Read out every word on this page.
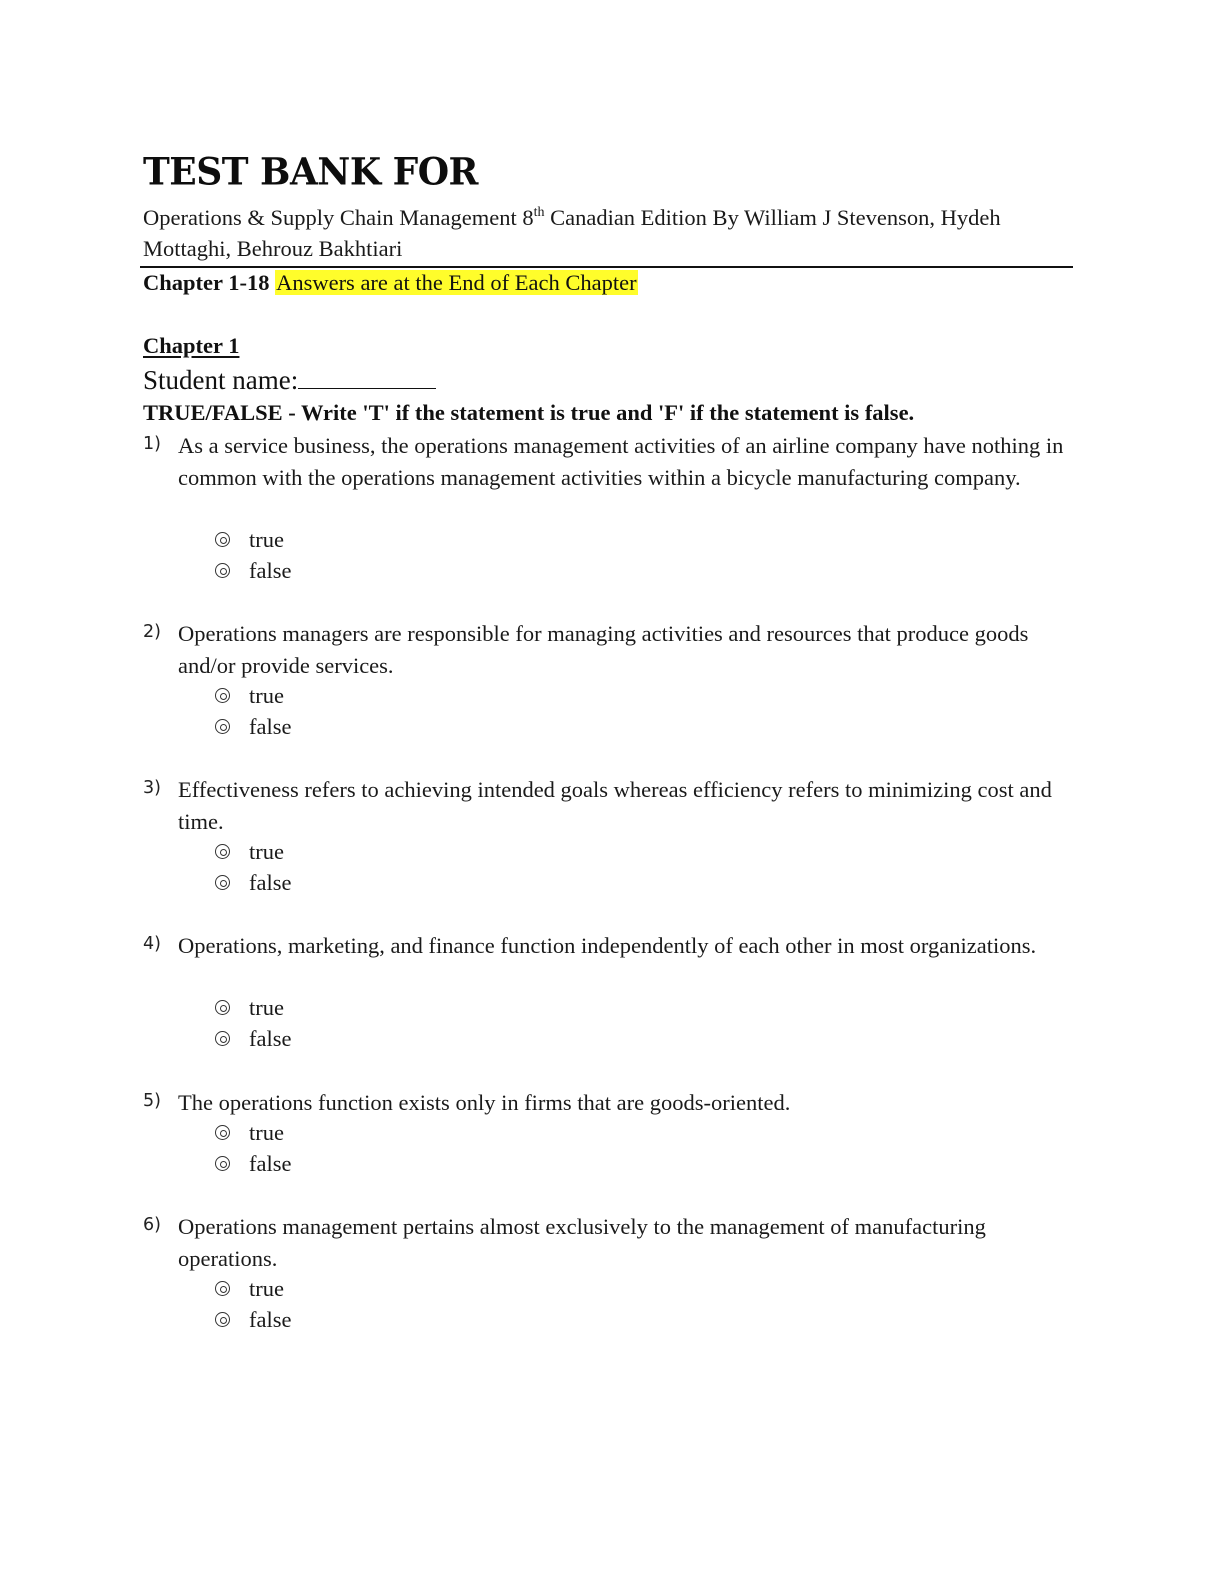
TEST BANK FOR
Operations & Supply Chain Management 8th Canadian Edition By William J Stevenson, Hydeh Mottaghi, Behrouz Bakhtiari
Chapter 1-18 Answers are at the End of Each Chapter
Chapter 1
Student name:
TRUE/FALSE - Write 'T' if the statement is true and 'F' if the statement is false.
1) As a service business, the operations management activities of an airline company have nothing in common with the operations management activities within a bicycle manufacturing company.
true
false
2) Operations managers are responsible for managing activities and resources that produce goods and/or provide services.
true
false
3) Effectiveness refers to achieving intended goals whereas efficiency refers to minimizing cost and time.
true
false
4) Operations, marketing, and finance function independently of each other in most organizations.
true
false
5) The operations function exists only in firms that are goods-oriented.
true
false
6) Operations management pertains almost exclusively to the management of manufacturing operations.
true
false
